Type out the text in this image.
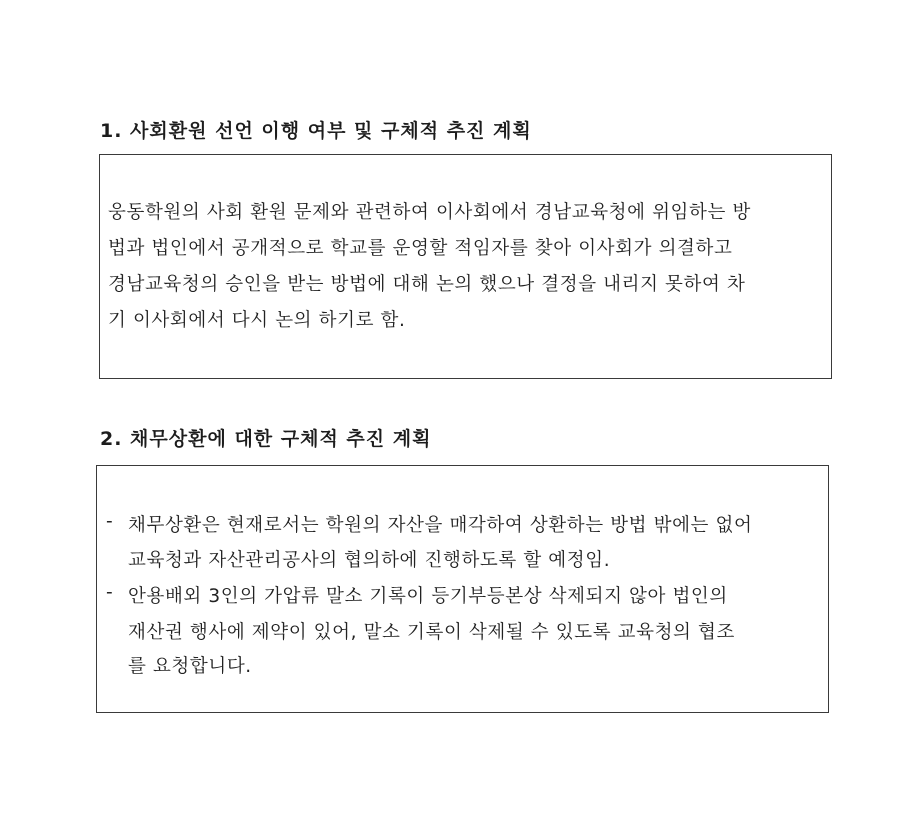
1. 사회환원 선언 이행 여부 및 구체적 추진 계획
웅동학원의 사회 환원 문제와 관련하여 이사회에서 경남교육청에 위임하는 방
법과 법인에서 공개적으로 학교를 운영할 적임자를 찾아 이사회가 의결하고
경남교육청의 승인을 받는 방법에 대해 논의 했으나 결정을 내리지 못하여 차
기 이사회에서 다시 논의 하기로 함.
2. 채무상환에 대한 구체적 추진 계획
- 채무상환은 현재로서는 학원의 자산을 매각하여 상환하는 방법 밖에는 없어
교육청과 자산관리공사의 협의하에 진행하도록 할 예정임.
- 안용배외 3인의 가압류 말소 기록이 등기부등본상 삭제되지 않아 법인의
재산권 행사에 제약이 있어, 말소 기록이 삭제될 수 있도록 교육청의 협조
를 요청합니다.
